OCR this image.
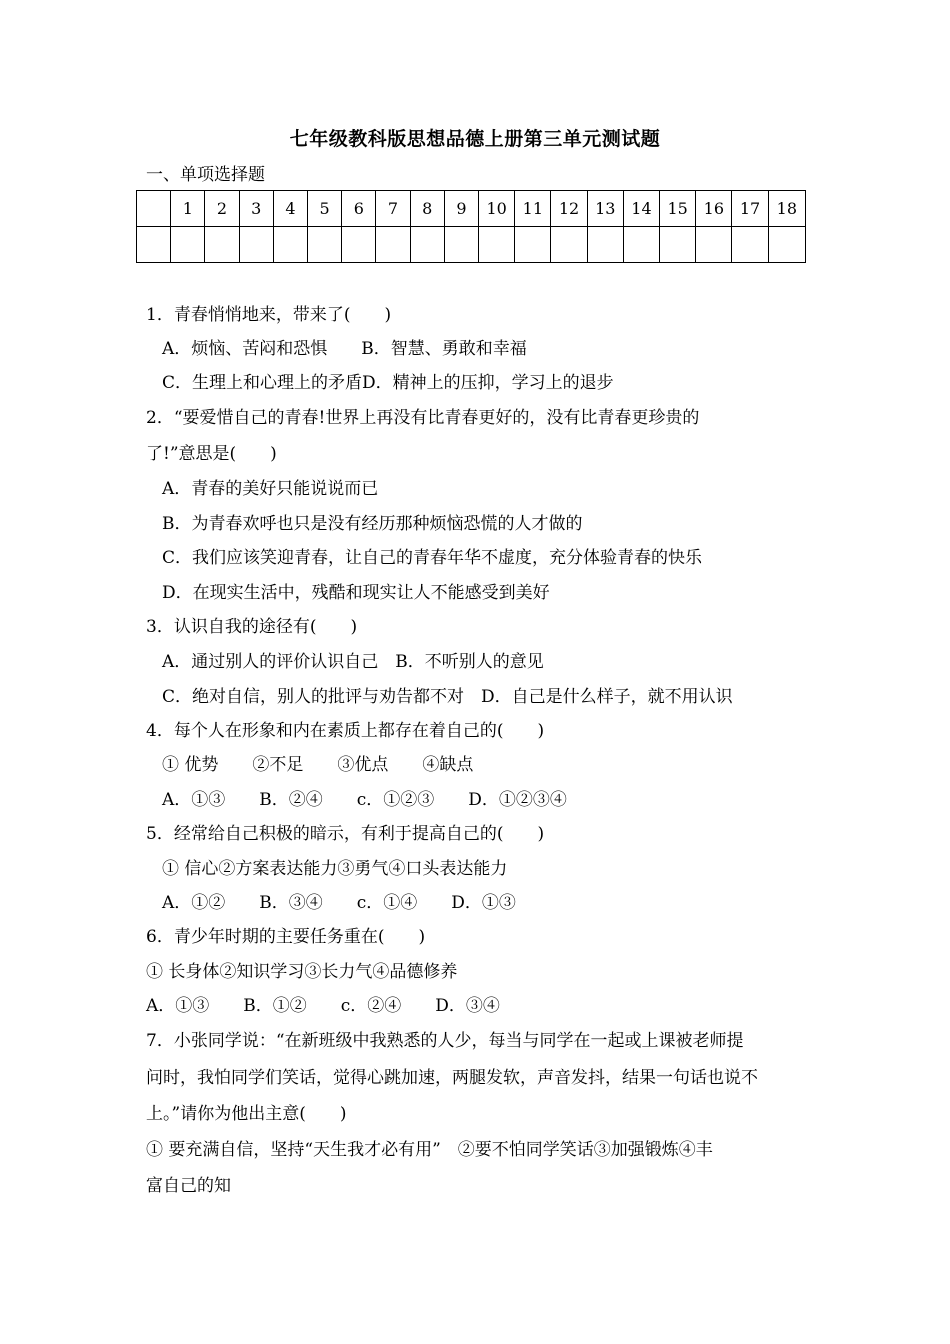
七年级教科版思想品德上册第三单元测试题
一、单项选择题
	1	2	3	4	5	6	7	8	9	10	11	12	13	14	15	16	17	18

1．青春悄悄地来，带来了(　　)
A．烦恼、苦闷和恐惧　　B．智慧、勇敢和幸福
C．生理上和心理上的矛盾D．精神上的压抑，学习上的退步
2．“要爱惜自己的青春!世界上再没有比青春更好的，没有比青春更珍贵的
了!”意思是(　　)
A．青春的美好只能说说而已
B．为青春欢呼也只是没有经历那种烦恼恐慌的人才做的
C．我们应该笑迎青春，让自己的青春年华不虚度，充分体验青春的快乐
D．在现实生活中，残酷和现实让人不能感受到美好
3．认识自我的途径有(　　)
A．通过别人的评价认识自己　B．不听别人的意见
C．绝对自信，别人的批评与劝告都不对　D．自己是什么样子，就不用认识
4．每个人在形象和内在素质上都存在着自己的(　　)
① 优势　　②不足　　③优点　　④缺点
A．①③　　B．②④　　c．①②③　　D．①②③④
5．经常给自己积极的暗示，有利于提高自己的(　　)
① 信心②方案表达能力③勇气④口头表达能力
A．①②　　B．③④　　c．①④　　D．①③
6．青少年时期的主要任务重在(　　)
① 长身体②知识学习③长力气④品德修养
A．①③　　B．①②　　c．②④　　D．③④
7．小张同学说：“在新班级中我熟悉的人少，每当与同学在一起或上课被老师提
问时，我怕同学们笑话，觉得心跳加速，两腿发软，声音发抖，结果一句话也说不
上。”请你为他出主意(　　)
① 要充满自信，坚持“天生我才必有用”　②要不怕同学笑话③加强锻炼④丰
富自己的知
